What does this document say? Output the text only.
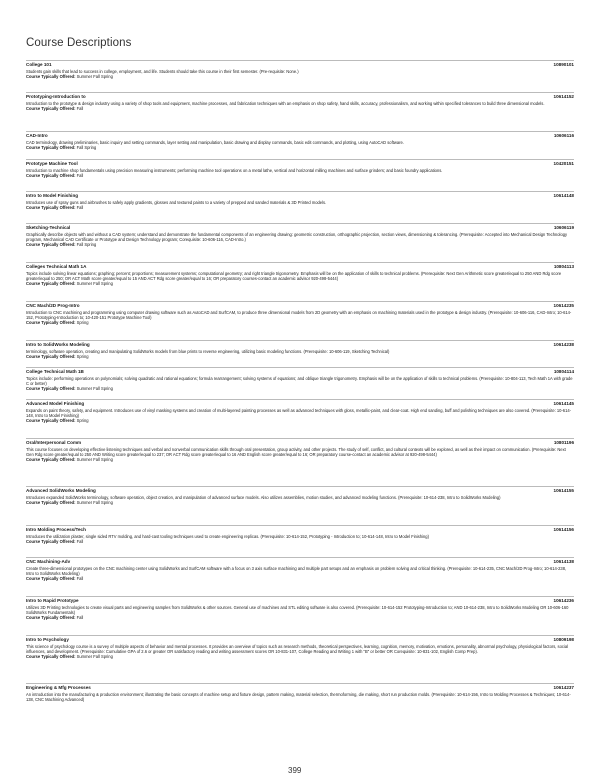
Course Descriptions
College 101	10890101
Students gain skills that lead to success in college, employment, and life. Students should take this course in their first semester. (Pre-requisite: None.)
Course Typically Offered: Summer Fall Spring
Prototyping-Introduction to	10614152
Introduction to the prototype & design industry using a variety of shop tools and equipment, machine processes, and fabrication techniques with an emphasis on shop safety, hand skills, accuracy, professionalism, and working within specified tolerances to build three dimensional models.
Course Typically Offered: Fall
CAD-Intro	10606116
CAD terminology, drawing preliminaries, basic inquiry and setting commands, layer setting and manipulation, basic drawing and display commands, basic edit commands, and plotting, using AutoCAD software.
Course Typically Offered: Fall Spring
Prototype Machine Tool	10420151
Introduction to machine shop fundamentals using precision measuring instruments; performing machine tool operations on a metal lathe, vertical and horizontal milling machines and surface grinders; and basic foundry applications.
Course Typically Offered: Fall
Intro to Model Finishing	10614148
Introduces use of spray guns and airbrushes to safely apply gradients, glosses and textured paints to a variety of prepped and sanded materials & 3D Printed models.
Course Typically Offered: Fall
Sketching-Technical	10606119
Graphically describe objects with and without a CAD system; understand and demonstrate the fundamental components of an engineering drawing: geometric construction, orthographic projection, section views, dimensioning & tolerancing. (Prerequisite: Accepted into Mechanical Design Technology program, Mechanical CAD Certificate or Prototype and Design Technology program; Corequisite: 10-606-116, CAD-Intro.)
Course Typically Offered: Fall Spring
Colleges Technical Math 1A	10804113
Topics include solving linear equations; graphing; percent; proportions; measurement systems; computational geometry; and right triangle trigonometry. Emphasis will be on the application of skills to technical problems. (Prerequisite: Next Gen Arithmetic score greater/equal to 250 AND Rdg score greater/equal to 250; OR ACT Math score greater/equal to 15 AND ACT Rdg score greater/equal to 16; OR preparatory courses-contact an academic advisor 920-498-5444)
Course Typically Offered: Summer Fall Spring
CNC Mach/2D Prog-Intro	10614235
Introduction to CNC machining and programming using computer drawing software such as AutoCAD and SurfCAM, to produce three dimensional models from 2D geometry with an emphasis on machining materials used in the prototype & design industry. (Prerequisite: 10-606-116, CAD-Intro; 10-614-152, Prototyping-Introduction to; 10-420-151 Prototype Machine Tool)
Course Typically Offered: Spring
Intro to SolidWorks Modeling	10614238
terminology, software operation, creating and manipulating SolidWorks models from blue prints to reverse engineering, utilizing basic modeling functions. (Prerequisite: 10-606-119, Sketching Technical)
Course Typically Offered: Spring
College Technical Math 1B	10804114
Topics include: performing operations on polynomials; solving quadratic and rational equations; formula rearrangement; solving systems of equations; and oblique triangle trigonometry. Emphasis will be on the application of skills to technical problems. (Prerequisite: 10-804-113, Tech Math 1A with grade C or better)
Course Typically Offered: Summer Fall Spring
Advanced Model Finishing	10614145
Expands on paint theory, safety, and equipment. Introduces use of vinyl masking systems and creation of multi-layered painting processes as well as advanced techniques with gloss, metallic-paint, and clear-coat. High end sanding, buff and polishing techniques are also covered. (Prerequisite: 10-614-148, Intro to Model Finishing)
Course Typically Offered: Spring
Oral/Interpersonal Comm	10801196
This course focuses on developing effective listening techniques and verbal and nonverbal communication skills through oral presentation, group activity, and other projects. The study of self, conflict, and cultural contexts will be explored, as well as their impact on communication. (Prerequisite: Next Gen Rdg score greater/equal to 250 AND Writing score greater/equal to 237; OR ACT Rdg score greater/equal to 16 AND English score greater/equal to 16; OR preparatory course-contact an academic advisor at 920-498-5444)
Course Typically Offered: Summer Fall Spring
Advanced SolidWorks Modeling	10614155
Introduces expanded SolidWorks terminology, software operation, object creation, and manipulation of advanced surface models. Also utilizes assemblies, motion studies, and advanced modeling functions. (Prerequisite: 10-614-238, Intro to SolidWorks Modeling)
Course Typically Offered: Summer Fall Spring
Intro Molding Process/Tech	10614156
Introduces the utilization plaster, single sided RTV molding, and hard-cast tooling techniques used to create engineering replicas. (Prerequisite: 10-614-152, Prototyping - Introduction to; 10-614-148, Intro to Model Finishing)
Course Typically Offered: Fall
CNC Machining-Adv	10614138
Create three-dimensional prototypes on the CNC machining center using SolidWorks and SurfCAM software with a focus on 3 axis surface machining and multiple part setups and an emphasis on problem solving and critical thinking. (Prerequisite: 10-614-235, CNC Mach/2D Prog-Intro; 10-614-238, Intro to SolidWorks Modeling)
Course Typically Offered: Fall
Intro to Rapid Prototype	10614236
Utilizes 3D Printing technologies to create visual parts and engineering samples from SolidWorks & other sources. General use of machines and STL editing software is also covered. (Prerequisite: 10-614-152 Prototyping-Introduction to; AND 10-614-238, Intro to SolidWorks Modeling OR 10-606-160 SolidWorks Fundamentals)
Course Typically Offered: Fall
Intro to Psychology	10809198
This science of psychology course is a survey of multiple aspects of behavior and mental processes. It provides an overview of topics such as research methods, theoretical perspectives, learning, cognition, memory, motivation, emotions, personality, abnormal psychology, physiological factors, social influences, and development. (Prerequisite: Cumulative GPA of 2.6 or greater OR satisfactory reading and writing assessment scores OR 10-831-107, College Reading and Writing 1 with "B" or better OR Corequisite: 10-831-102, English Comp Prep).
Course Typically Offered: Summer Fall Spring
Engineering & Mfg Processes	10614237
An introduction into the manufacturing & production environment; illustrating the basic concepts of machine setup and fixture design, pattern making, material selection, thermoforming, die making, short run production molds. (Prerequisite: 10-614-156, Intro to Molding Processes & Techniques; 10-614-138, CNC Machining Advanced)
399
